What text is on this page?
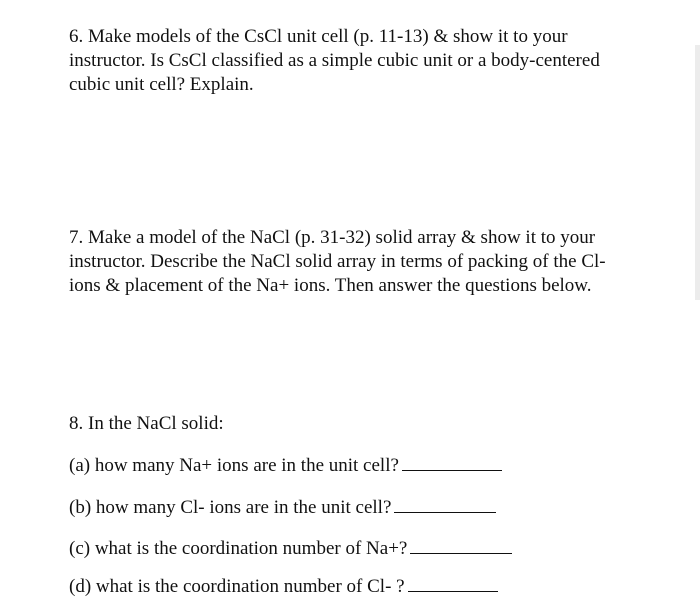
6. Make models of the CsCl unit cell (p. 11-13) & show it to your instructor. Is CsCl classified as a simple cubic unit or a body-centered cubic unit cell? Explain.

7. Make a model of the NaCl (p. 31-32) solid array & show it to your instructor. Describe the NaCl solid array in terms of packing of the Cl- ions & placement of the Na+ ions. Then answer the questions below.

8. In the NaCl solid:

(a) how many Na+ ions are in the unit cell?
(b) how many Cl- ions are in the unit cell?
(c) what is the coordination number of Na+?
(d) what is the coordination number of Cl- ?
